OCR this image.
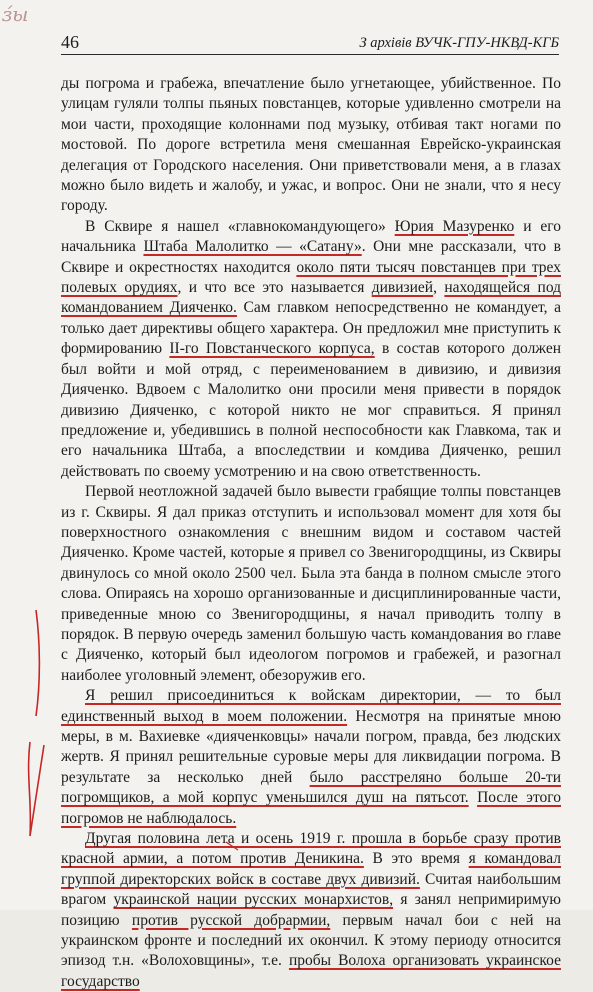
ɜ́ы
46	З архівів ВУЧК-ГПУ-НКВД-КГБ

ды погрома и грабежа, впечатление было угнетающее, убийственное. По улицам гуляли толпы пьяных повстанцев, которые удивленно смотрели на мои части, проходящие колоннами под музыку, отбивая такт ногами по мостовой. По дороге встретила меня смешанная Еврейско-украинская делегация от Городского населения. Они приветствовали меня, а в глазах можно было видеть и жалобу, и ужас, и вопрос. Они не знали, что я несу городу.

В Сквире я нашел «главнокомандующего» Юрия Мазуренко и его начальника Штаба Малолитко — «Сатану». Они мне рассказали, что в Сквире и окрестностях находится около пяти тысяч повстанцев при трех полевых орудиях, и что все это называется дивизией, находящейся под командованием Дияченко. Сам главком непосредственно не командует, а только дает директивы общего характера. Он предложил мне приступить к формированию II-го Повстанческого корпуса, в состав которого должен был войти и мой отряд, с переименованием в дивизию, и дивизия Дияченко. Вдвоем с Малолитко они просили меня привести в порядок дивизию Дияченко, с которой никто не мог справиться. Я принял предложение и, убедившись в полной неспособности как Главкома, так и его начальника Штаба, а впоследствии и комдива Дияченко, решил действовать по своему усмотрению и на свою ответственность.

Первой неотложной задачей было вывести грабящие толпы повстанцев из г. Сквиры. Я дал приказ отступить и использовал момент для хотя бы поверхностного ознакомления с внешним видом и составом частей Дияченко. Кроме частей, которые я привел со Звенигородщины, из Сквиры двинулось со мной около 2500 чел. Была эта банда в полном смысле этого слова. Опираясь на хорошо организованные и дисциплинированные части, приведенные мною со Звенигородщины, я начал приводить толпу в порядок. В первую очередь заменил большую часть командования во главе с Дияченко, который был идеологом погромов и грабежей, и разогнал наиболее уголовный элемент, обезоружив его.

Я решил присоединиться к войскам директории, — то был единственный выход в моем положении. Несмотря на принятые мною меры, в м. Вахиевке «дияченковцы» начали погром, правда, без людских жертв. Я принял решительные суровые меры для ликвидации погрома. В результате за несколько дней было расстреляно больше 20-ти погромщиков, а мой корпус уменьшился душ на пятьсот. После этого погромов не наблюдалось.

Другая половина лета и осень 1919 г. прошла в борьбе сразу против красной армии, а потом против Деникина. В это время я командовал группой директорских войск в составе двух дивизий. Считая наибольшим врагом украинской нации русских монархистов, я занял непримиримую позицию против русской добрармии, первым начал бои с ней на украинском фронте и последний их окончил. К этому периоду относится эпизод т.н. «Волоховщины», т.е. пробы Волоха организовать украинское государство
